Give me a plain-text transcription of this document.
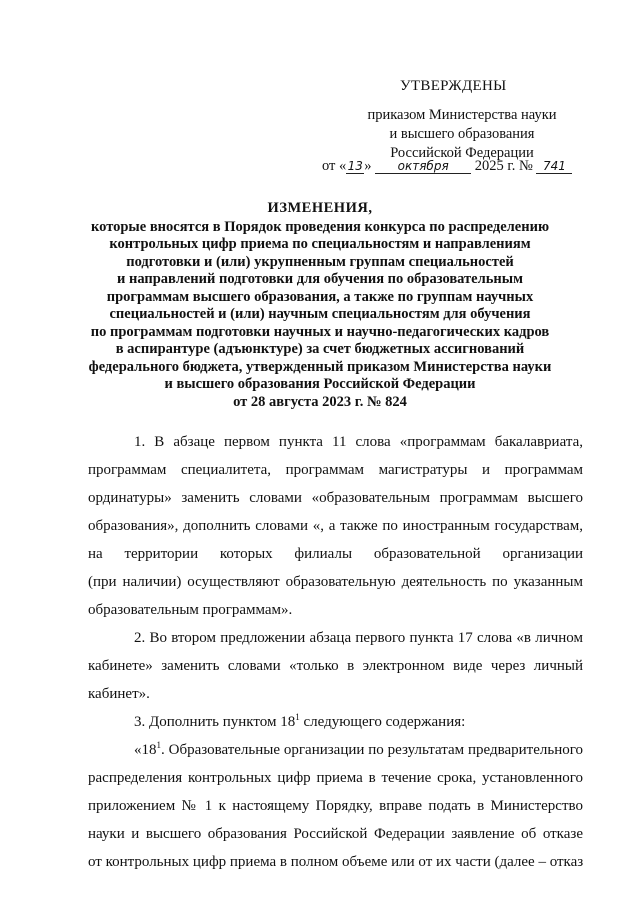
УТВЕРЖДЕНЫ
приказом Министерства науки
и высшего образования
Российской Федерации
от «13» октября 2025 г. № 741
ИЗМЕНЕНИЯ,
которые вносятся в Порядок проведения конкурса по распределению
контрольных цифр приема по специальностям и направлениям
подготовки и (или) укрупненным группам специальностей
и направлений подготовки для обучения по образовательным
программам высшего образования, а также по группам научных
специальностей и (или) научным специальностям для обучения
по программам подготовки научных и научно-педагогических кадров
в аспирантуре (адъюнктуре) за счет бюджетных ассигнований
федерального бюджета, утвержденный приказом Министерства науки
и высшего образования Российской Федерации
от 28 августа 2023 г. № 824
1. В абзаце первом пункта 11 слова «программам бакалавриата,
программам специалитета, программам магистратуры и программам
ординатуры» заменить словами «образовательным программам высшего
образования», дополнить словами «, а также по иностранным государствам,
на территории которых филиалы образовательной организации
(при наличии) осуществляют образовательную деятельность по указанным
образовательным программам».
2. Во втором предложении абзаца первого пункта 17 слова «в личном
кабинете» заменить словами «только в электронном виде через личный
кабинет».
3. Дополнить пунктом $18^1$ следующего содержания:
«$18^1$. Образовательные организации по результатам предварительного
распределения контрольных цифр приема в течение срока, установленного
приложением № 1 к настоящему Порядку, вправе подать в Министерство
науки и высшего образования Российской Федерации заявление об отказе
от контрольных цифр приема в полном объеме или от их части (далее – отказ
